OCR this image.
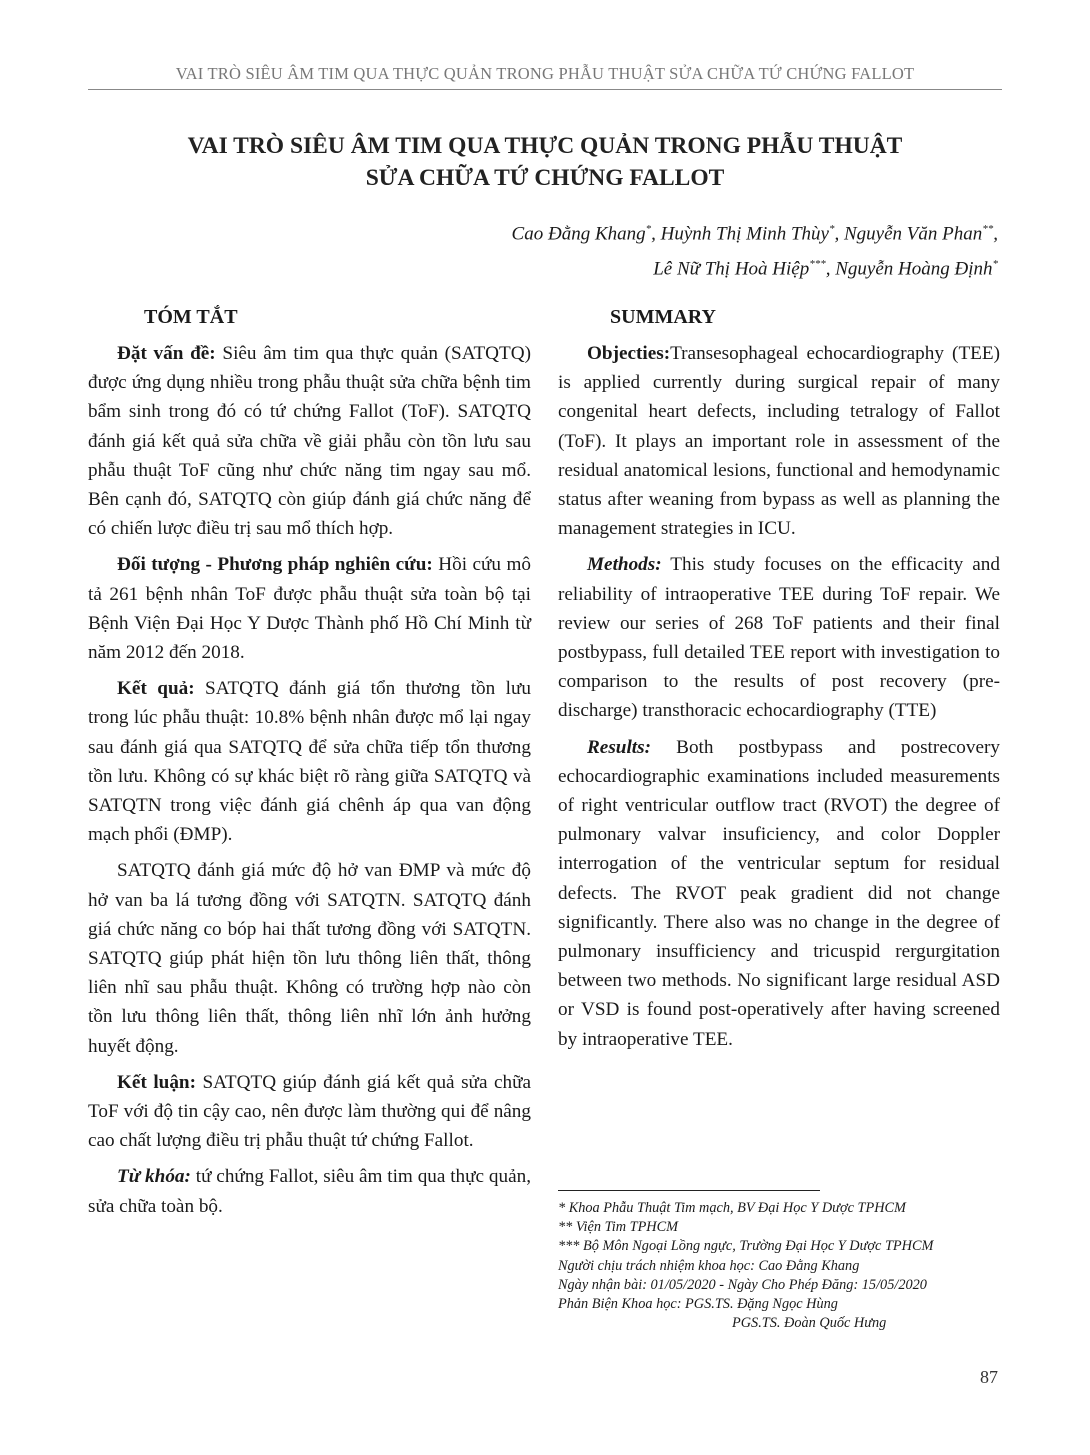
VAI TRÒ SIÊU ÂM TIM QUA THỰC QUẢN TRONG PHẪU THUẬT SỬA CHỮA TỨ CHỨNG FALLOT
VAI TRÒ SIÊU ÂM TIM QUA THỰC QUẢN TRONG PHẪU THUẬT
SỬA CHỮA TỨ CHỨNG FALLOT
Cao Đằng Khang*, Huỳnh Thị Minh Thùy*, Nguyễn Văn Phan**,
Lê Nữ Thị Hoà Hiệp***, Nguyễn Hoàng Định*
TÓM TẮT

Đặt vấn đề: Siêu âm tim qua thực quản (SATQTQ) được ứng dụng nhiều trong phẫu thuật sửa chữa bệnh tim bẩm sinh trong đó có tứ chứng Fallot (ToF). SATQTQ đánh giá kết quả sửa chữa về giải phẫu còn tồn lưu sau phẫu thuật ToF cũng như chức năng tim ngay sau mổ. Bên cạnh đó, SATQTQ còn giúp đánh giá chức năng để có chiến lược điều trị sau mổ thích hợp.

Đối tượng - Phương pháp nghiên cứu: Hồi cứu mô tả 261 bệnh nhân ToF được phẫu thuật sửa toàn bộ tại Bệnh Viện Đại Học Y Dược Thành phố Hồ Chí Minh từ năm 2012 đến 2018.

Kết quả: SATQTQ đánh giá tổn thương tồn lưu trong lúc phẫu thuật: 10.8% bệnh nhân được mổ lại ngay sau đánh giá qua SATQTQ để sửa chữa tiếp tổn thương tồn lưu. Không có sự khác biệt rõ ràng giữa SATQTQ và SATQTN trong việc đánh giá chênh áp qua van động mạch phổi (ĐMP).

SATQTQ đánh giá mức độ hở van ĐMP và mức độ hở van ba lá tương đồng với SATQTN. SATQTQ đánh giá chức năng co bóp hai thất tương đồng với SATQTN. SATQTQ giúp phát hiện tồn lưu thông liên thất, thông liên nhĩ sau phẫu thuật. Không có trường hợp nào còn tồn lưu thông liên thất, thông liên nhĩ lớn ảnh hưởng huyết động.

Kết luận: SATQTQ giúp đánh giá kết quả sửa chữa ToF với độ tin cậy cao, nên được làm thường qui để nâng cao chất lượng điều trị phẫu thuật tứ chứng Fallot.

Từ khóa: tứ chứng Fallot, siêu âm tim qua thực quản, sửa chữa toàn bộ.

SUMMARY

Objecties:Transesophageal echocardiography (TEE) is applied currently during surgical repair of many congenital heart defects, including tetralogy of Fallot (ToF). It plays an important role in assessment of the residual anatomical lesions, functional and hemodynamic status after weaning from bypass as well as planning the management strategies in ICU.

Methods: This study focuses on the efficacity and reliability of intraoperative TEE during ToF repair. We review our series of 268 ToF patients and their final postbypass, full detailed TEE report with investigation to comparison to the results of post recovery (pre-discharge) transthoracic echocardiography (TTE)

Results: Both postbypass and postrecovery echocardiographic examinations included measurements of right ventricular outflow tract (RVOT) the degree of pulmonary valvar insuficiency, and color Doppler interrogation of the ventricular septum for residual defects. The RVOT peak gradient did not change significantly. There also was no change in the degree of pulmonary insufficiency and tricuspid rergurgitation between two methods. No significant large residual ASD or VSD is found post-operatively after having screened by intraoperative TEE.

* Khoa Phẫu Thuật Tim mạch, BV Đại Học Y Dược TPHCM
** Viện Tim TPHCM
*** Bộ Môn Ngoại Lồng ngực, Trường Đại Học Y Dược TPHCM
Người chịu trách nhiệm khoa học: Cao Đằng Khang
Ngày nhận bài: 01/05/2020 - Ngày Cho Phép Đăng: 15/05/2020
Phản Biện Khoa học: PGS.TS. Đặng Ngọc Hùng
PGS.TS. Đoàn Quốc Hưng
87
